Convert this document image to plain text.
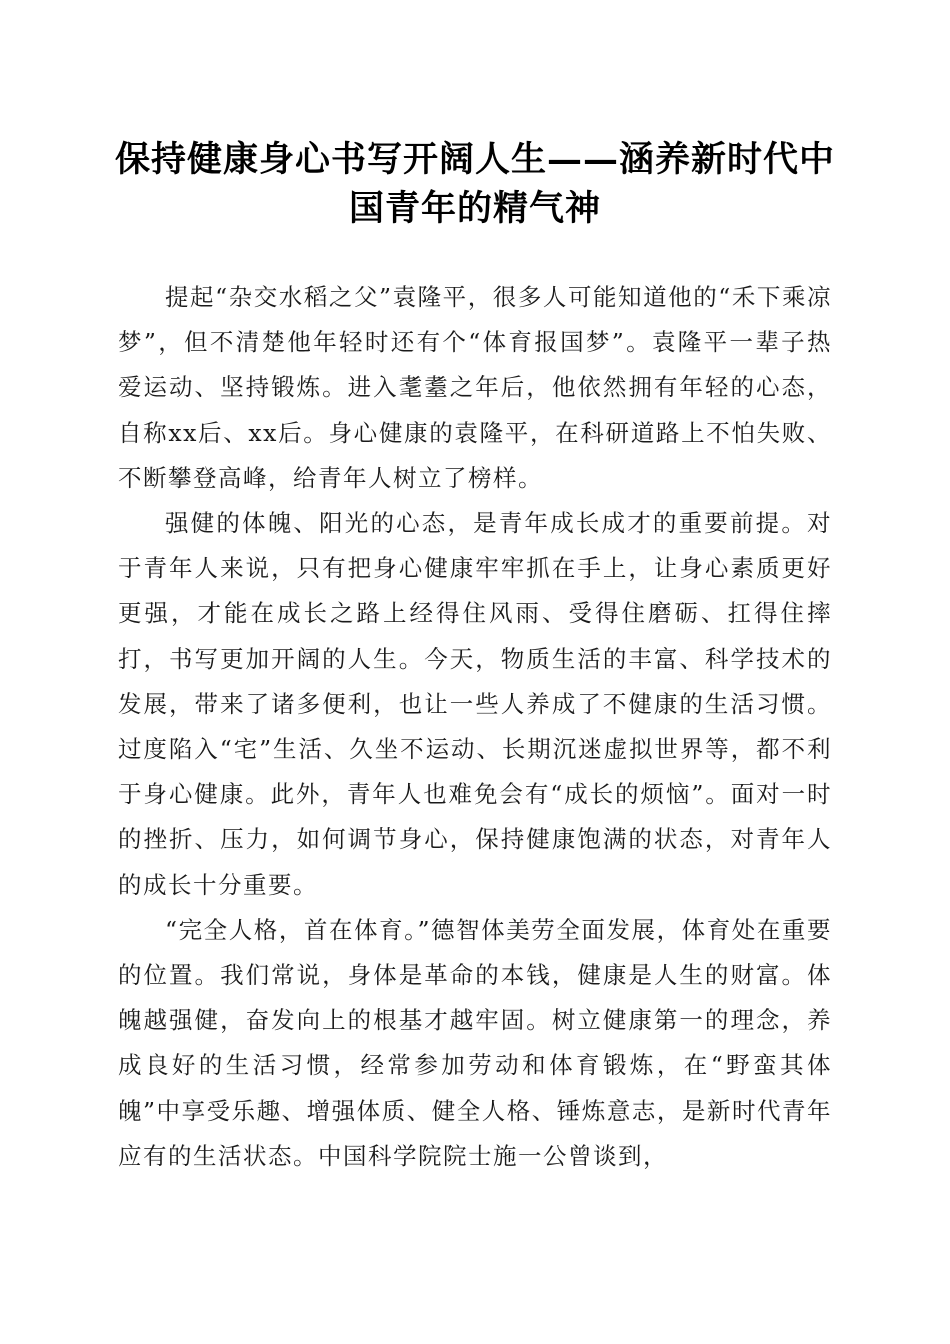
保持健康身心书写开阔人生——涵养新时代中国青年的精气神

提起“杂交水稻之父”袁隆平，很多人可能知道他的“禾下乘凉梦”，但不清楚他年轻时还有个“体育报国梦”。袁隆平一辈子热爱运动、坚持锻炼。进入耄耋之年后，他依然拥有年轻的心态，自称xx后、xx后。身心健康的袁隆平，在科研道路上不怕失败、不断攀登高峰，给青年人树立了榜样。

强健的体魄、阳光的心态，是青年成长成才的重要前提。对于青年人来说，只有把身心健康牢牢抓在手上，让身心素质更好更强，才能在成长之路上经得住风雨、受得住磨砺、扛得住摔打，书写更加开阔的人生。今天，物质生活的丰富、科学技术的发展，带来了诸多便利，也让一些人养成了不健康的生活习惯。过度陷入“宅”生活、久坐不运动、长期沉迷虚拟世界等，都不利于身心健康。此外，青年人也难免会有“成长的烦恼”。面对一时的挫折、压力，如何调节身心，保持健康饱满的状态，对青年人的成长十分重要。

“完全人格，首在体育。”德智体美劳全面发展，体育处在重要的位置。我们常说，身体是革命的本钱，健康是人生的财富。体魄越强健，奋发向上的根基才越牢固。树立健康第一的理念，养成良好的生活习惯，经常参加劳动和体育锻炼，在“野蛮其体魄”中享受乐趣、增强体质、健全人格、锤炼意志，是新时代青年应有的生活状态。中国科学院院士施一公曾谈到，
